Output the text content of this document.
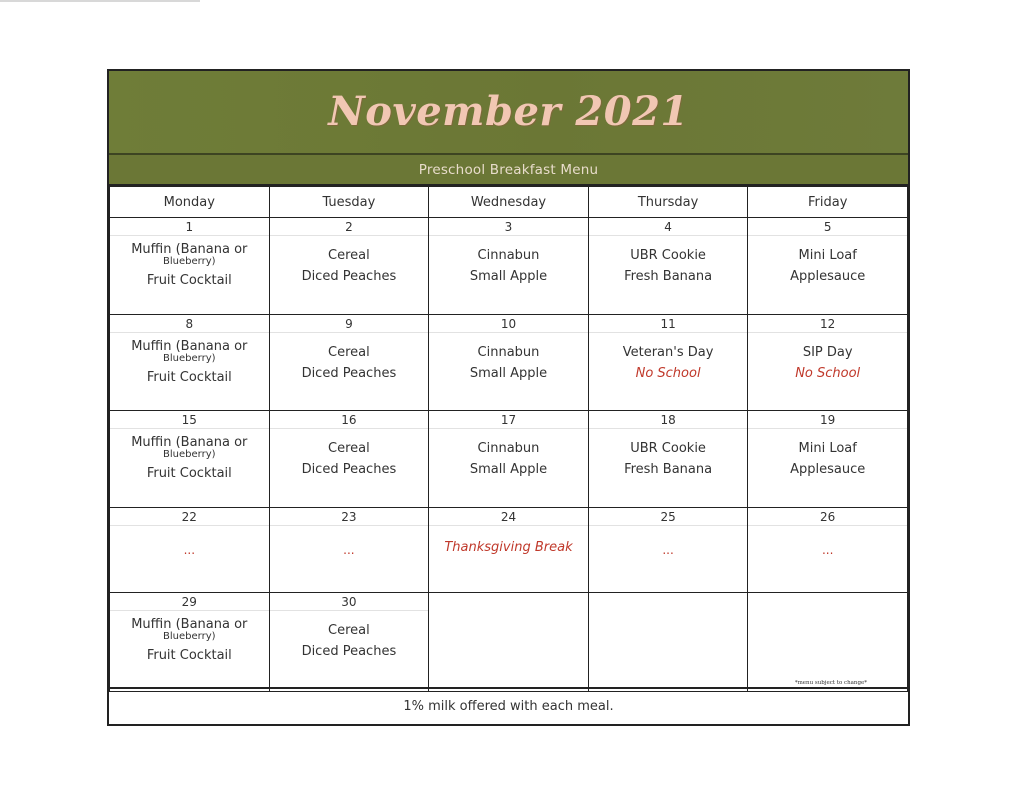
November 2021
Preschool Breakfast Menu
Monday	Tuesday	Wednesday	Thursday	Friday

1
Muffin (Banana or
Blueberry)
Fruit Cocktail	2
Cereal
Diced Peaches	3
Cinnabun
Small Apple	4
UBR Cookie
Fresh Banana	5
Mini Loaf
Applesauce

8
Muffin (Banana or
Blueberry)
Fruit Cocktail	9
Cereal
Diced Peaches	10
Cinnabun
Small Apple	11
Veteran's Day
No School	12
SIP Day
No School

15
Muffin (Banana or
Blueberry)
Fruit Cocktail	16
Cereal
Diced Peaches	17
Cinnabun
Small Apple	18
UBR Cookie
Fresh Banana	19
Mini Loaf
Applesauce

22
...	23
...	24
Thanksgiving Break	25
...	26
...

29
Muffin (Banana or
Blueberry)
Fruit Cocktail	30
Cereal
Diced Peaches			*menu subject to change*
1% milk offered with each meal.
